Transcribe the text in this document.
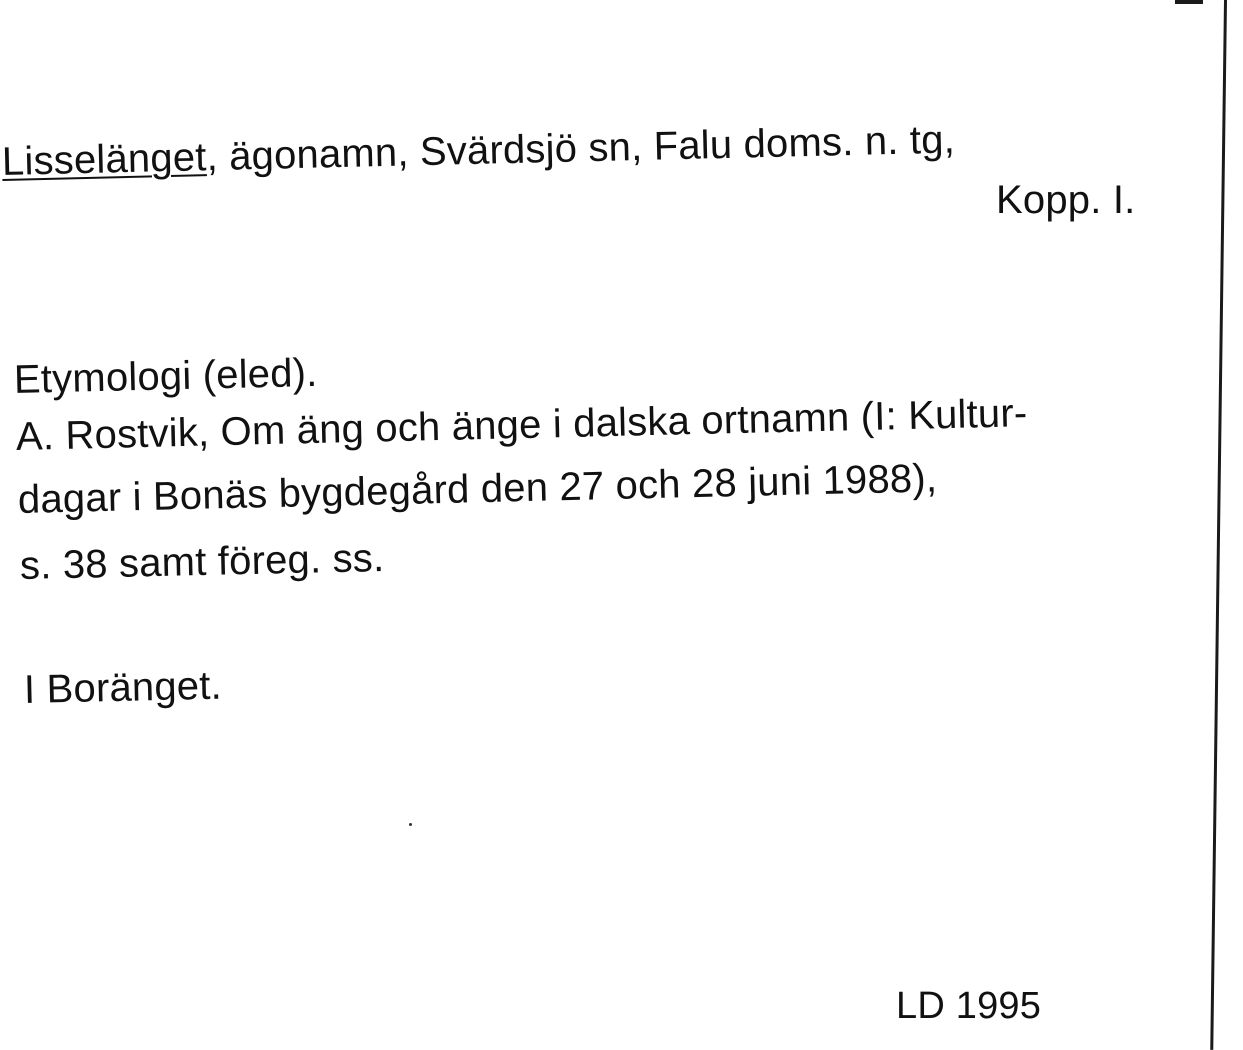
Lisselänget, ägonamn, Svärdsjö sn, Falu doms. n. tg,
Kopp. I.
Etymologi (eled).
A. Rostvik, Om äng och änge i dalska ortnamn (I: Kultur-
dagar i Bonäs bygdegård den 27 och 28 juni 1988),
s. 38 samt föreg. ss.
I Boränget.
LD 1995
